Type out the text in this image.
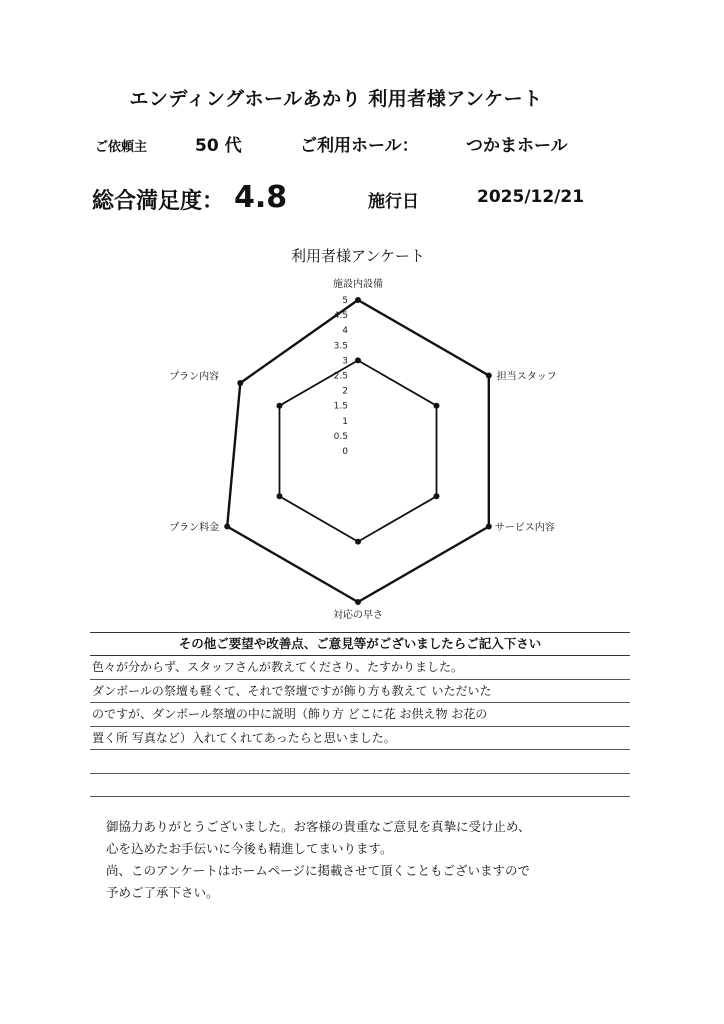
エンディングホールあかり 利用者様アンケート
ご依頼主	50 代	ご利用ホール：	つかまホール
総合満足度： 4.8	施行日	2025/12/21
利用者様アンケート
0
0.5
1
1.5
2
2.5
3
3.5
4
4.5
5
施設内設備
担当スタッフ
サービス内容
対応の早さ
プラン料金
プラン内容
その他ご要望や改善点、ご意見等がございましたらご記入下さい
色々が分からず、スタッフさんが教えてくださり、たすかりました。
ダンボールの祭壇も軽くて、それで祭壇ですが飾り方も教えて いただいた
のですが、ダンボール祭壇の中に説明（飾り方 どこに花 お供え物 お花の
置く所 写真など）入れてくれてあったらと思いました。

御協力ありがとうございました。お客様の貴重なご意見を真摯に受け止め、

心を込めたお手伝いに今後も精進してまいります。

尚、このアンケートはホームページに掲載させて頂くこともございますので

予めご了承下さい。
